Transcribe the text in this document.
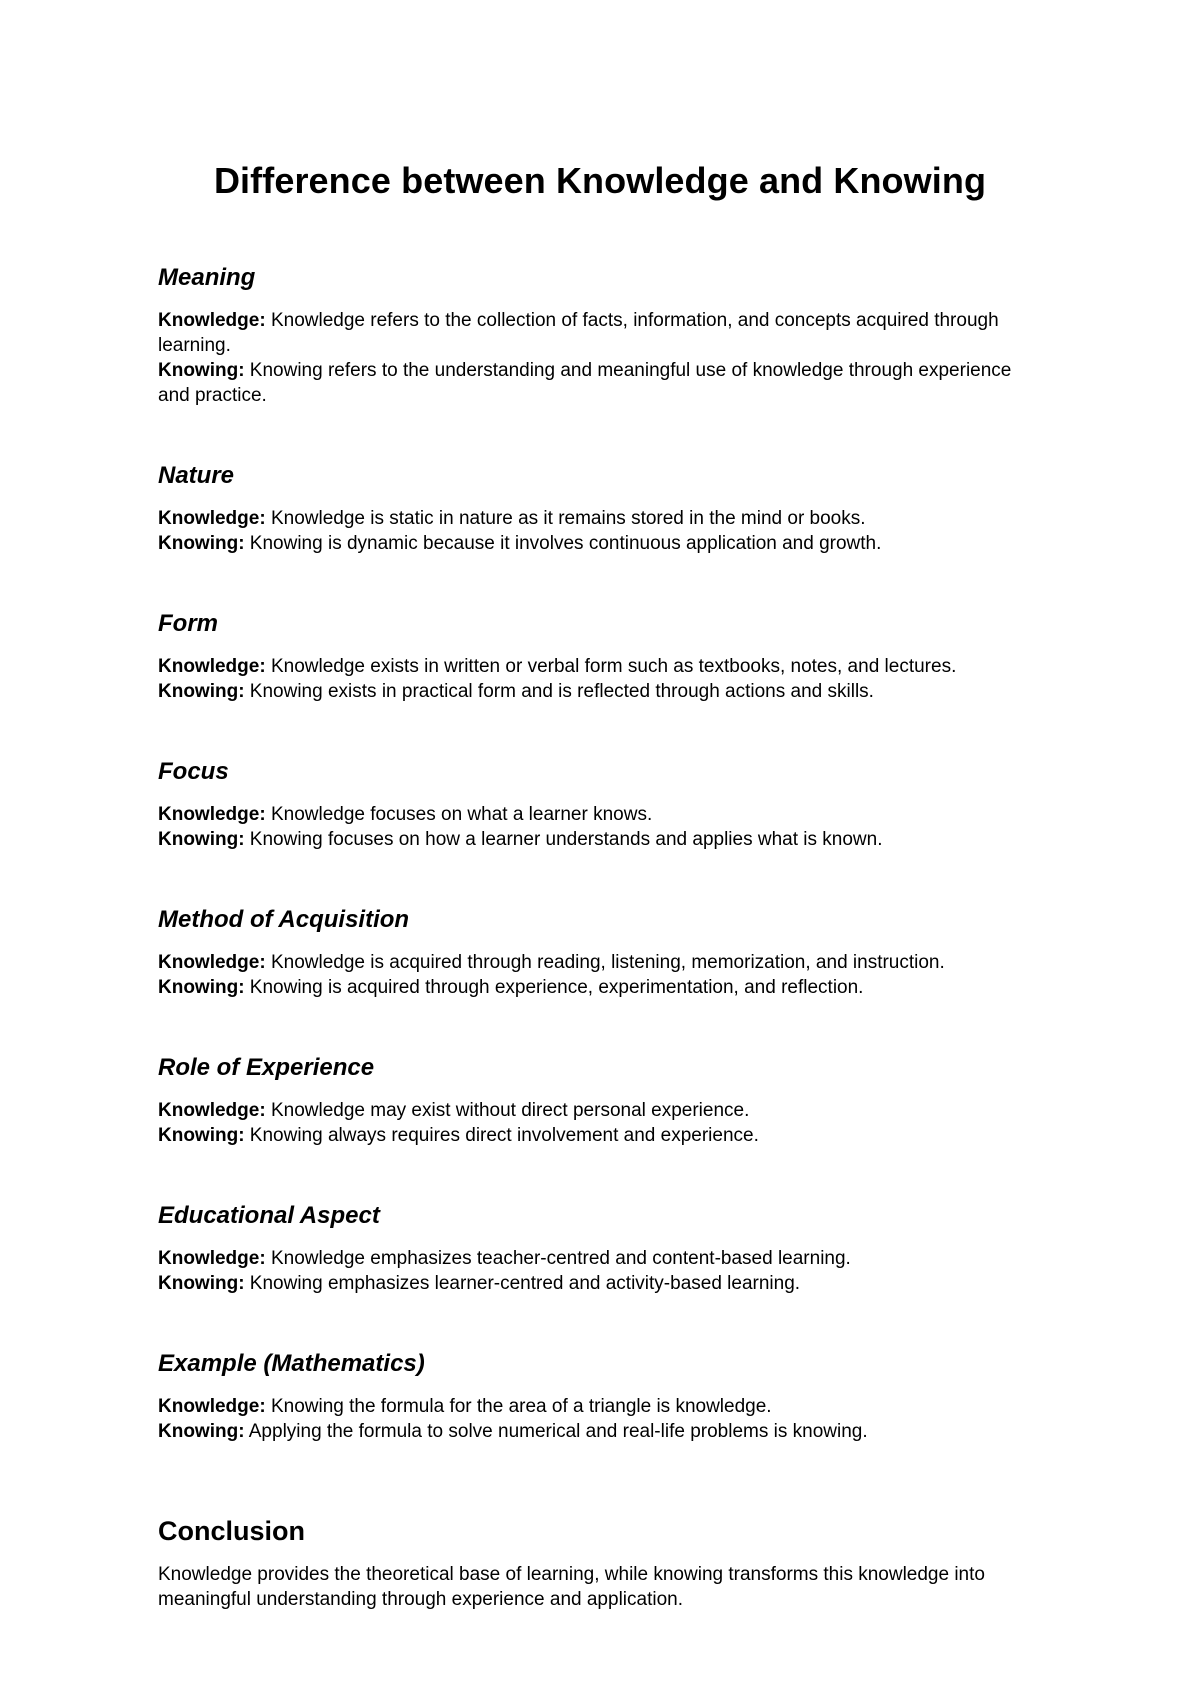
Difference between Knowledge and Knowing
Meaning

Knowledge: Knowledge refers to the collection of facts, information, and concepts acquired through learning.

Knowing: Knowing refers to the understanding and meaningful use of knowledge through experience and practice.

Nature

Knowledge: Knowledge is static in nature as it remains stored in the mind or books.

Knowing: Knowing is dynamic because it involves continuous application and growth.

Form

Knowledge: Knowledge exists in written or verbal form such as textbooks, notes, and lectures.

Knowing: Knowing exists in practical form and is reflected through actions and skills.

Focus

Knowledge: Knowledge focuses on what a learner knows.

Knowing: Knowing focuses on how a learner understands and applies what is known.

Method of Acquisition

Knowledge: Knowledge is acquired through reading, listening, memorization, and instruction.

Knowing: Knowing is acquired through experience, experimentation, and reflection.

Role of Experience

Knowledge: Knowledge may exist without direct personal experience.

Knowing: Knowing always requires direct involvement and experience.

Educational Aspect

Knowledge: Knowledge emphasizes teacher-centred and content-based learning.

Knowing: Knowing emphasizes learner-centred and activity-based learning.

Example (Mathematics)

Knowledge: Knowing the formula for the area of a triangle is knowledge.

Knowing: Applying the formula to solve numerical and real-life problems is knowing.

Conclusion

Knowledge provides the theoretical base of learning, while knowing transforms this knowledge into meaningful understanding through experience and application.
